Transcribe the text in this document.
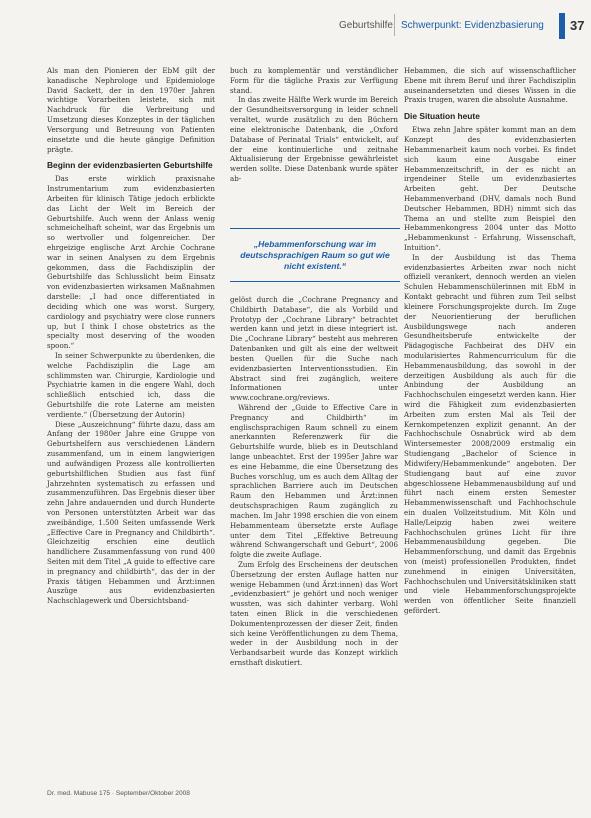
Geburtshilfe Schwerpunkt: Evidenzbasierung 37

Als man den Pionieren der EbM gilt der kanadische Nephrologe und Epidemiologe David Sackett, der in den 1970er Jahren wichtige Vorarbeiten leistete, sich mit Nachdruck für die Verbreitung und Umsetzung dieses Konzeptes in der täglichen Versorgung und Betreuung von Patienten einsetzte und die heute gängige Definition prägte.

Beginn der evidenzbasierten Geburtshilfe

Das erste wirklich praxisnahe Instrumentarium zum evidenzbasierten Arbeiten für klinisch Tätige jedoch erblickte das Licht der Welt im Bereich der Geburtshilfe. Auch wenn der Anlass wenig schmeichelhaft scheint, war das Ergebnis um so wertvoller und folgenreicher. Der ehrgeizige englische Arzt Archie Cochrane war in seinen Analysen zu dem Ergebnis gekommen, dass die Fachdisziplin der Geburtshilfe das Schlusslicht beim Einsatz von evidenzbasierten wirksamen Maßnahmen darstelle: „I had once differentiated in deciding which one was worst. Surgery, cardiology and psychiatry were close runners up, but I think I chose obstetrics as the specialty most deserving of the wooden spoon.“

In seiner Schwerpunkte zu überdenken, die welche Fachdisziplin die Lage am schlimmsten war. Chirurgie, Kardiologie und Psychiatrie kamen in die engere Wahl, doch schließlich entschied ich, dass die Geburtshilfe die rote Laterne am meisten verdiente.“ (Übersetzung der Autorin)

Diese „Auszeichnung“ führte dazu, dass am Anfang der 1980er Jahre eine Gruppe von Geburtshelfern aus verschiedenen Ländern zusammenfand, um in einem langwierigen und aufwändigen Prozess alle kontrollierten geburtshilflichen Studien aus fast fünf Jahrzehnten systematisch zu erfassen und zusammenzuführen. Das Ergebnis dieser über zehn Jahre andauernden und durch Hunderte von Personen unterstützten Arbeit war das zweibändige, 1.500 Seiten umfassende Werk „Effective Care in Pregnancy and Childbirth“. Gleichzeitig erschien eine deutlich handlichere Zusammenfassung von rund 400 Seiten mit dem Titel „A guide to effective care in pregnancy and childbirth“, das der in der Praxis tätigen Hebammen und Ärzt:innen Auszüge aus evidenzbasierten Nachschlagewerk und Übersichtsband-

buch zu komplementär und verständlicher Form für die tägliche Praxis zur Verfügung stand.

In das zweite Hälfte Werk wurde im Bereich der Gesundheitsversorgung in leider schnell veraltet, wurde zusätzlich zu den Büchern eine elektronische Datenbank, die „Oxford Database of Perinatal Trials“ entwickelt, auf der eine kontinuierliche und zeitnahe Aktualisierung der Ergebnisse gewährleistet werden sollte. Diese Datenbank wurde später ab-

„Hebammenforschung war im deutschsprachigen Raum so gut wie nicht existent.“

gelöst durch die „Cochrane Pregnancy and Childbirth Database“, die als Vorbild und Prototyp der „Cochrane Library“ betrachtet werden kann und jetzt in diese integriert ist. Die „Cochrane Library“ besteht aus mehreren Datenbanken und gilt als eine der weltweit besten Quellen für die Suche nach evidenzbasierten Interventionsstudien. Ein Abstract sind frei zugänglich, weitere Informationen unter www.cochrane.org/reviews.

Während der „Guide to Effective Care in Pregnancy and Childbirth“ im englischsprachigen Raum schnell zu einem anerkannten Referenzwerk für die Geburtshilfe wurde, blieb es in Deutschland lange unbeachtet. Erst der 1995er Jahre war es eine Hebamme, die eine Übersetzung des Buches vorschlug, um es auch dem Alltag der sprachlichen Barriere auch im Deutschen Raum den Hebammen und Ärzt:innen deutschsprachigen Raum zugänglich zu machen. Im Jahr 1998 erschien die von einem Hebammenteam übersetzte erste Auflage unter dem Titel „Effektive Betreuung während Schwangerschaft und Geburt“, 2006 folgte die zweite Auflage.

Zum Erfolg des Erscheinens der deutschen Übersetzung der ersten Auflage hatten nur wenige Hebammen (und Ärzt:innen) das Wort „evidenzbasiert“ je gehört und noch weniger wussten, was sich dahinter verbarg. Wohl taten einen Blick in die verschiedenen Dokumentenprozessen der dieser Zeit, finden sich keine Veröffentlichungen zu dem Thema, weder in der Ausbildung noch in der Verbandsarbeit wurde das Konzept wirklich ernsthaft diskutiert.

Hebammen, die sich auf wissenschaftlicher Ebene mit ihrem Beruf und ihrer Fachdisziplin auseinandersetzten und dieses Wissen in die Praxis trugen, waren die absolute Ausnahme.

Die Situation heute

Etwa zehn Jahre später kommt man an dem Konzept des evidenzbasierten Hebammenarbeit kaum noch vorbei. Es findet sich kaum eine Ausgabe einer Hebammenzeitschrift, in der es nicht an irgendeiner Stelle um evidenzbasiertes Arbeiten geht. Der Deutsche Hebammenverband (DHV, damals noch Bund Deutscher Hebammen, BDH) nimmt sich das Thema an und stellte zum Beispiel den Hebammenkongress 2004 unter das Motto „Hebammenkunst - Erfahrung, Wissenschaft, Intuition“.

In der Ausbildung ist das Thema evidenzbasiertes Arbeiten zwar noch nicht offiziell verankert, dennoch werden an vielen Schulen Hebammenschülerinnen mit EbM in Kontakt gebracht und führen zum Teil selbst kleinere Forschungsprojekte durch. Im Zuge der Neuorientierung der beruflichen Ausbildungswege nach anderen Gesundheitsberufe entwickelte der Pädagogische Fachbeirat des DHV ein modularisiertes Rahmencurriculum für die Hebammenausbildung, das sowohl in der derzeitigen Ausbildung als auch für die Anbindung der Ausbildung an Fachhochschulen eingesetzt werden kann. Hier wird die Fähigkeit zum evidenzbasierten Arbeiten zum ersten Mal als Teil der Kernkompetenzen explizit genannt. An der Fachhochschule Osnabrück wird ab dem Wintersemester 2008/2009 erstmalig ein Studiengang „Bachelor of Science in Midwifery/Hebammenkunde“ angeboten. Der Studiengang baut auf eine zuvor abgeschlossene Hebammenausbildung auf und führt nach einem ersten Semester Hebammenwissenschaft und Fachhochschule ein dualen Vollzeitstudium. Mit Köln und Halle/Leipzig haben zwei weitere Fachhochschulen grünes Licht für ihre Hebammenausbildung gegeben. Die Hebammenforschung, und damit das Ergebnis von (meist) professionellen Produkten, findet zunehmend in einigen Universitäten, Fachhochschulen und Universitätskliniken statt und viele Hebammenforschungsprojekte werden von öffentlicher Seite finanziell gefördert.

Dr. med. Mabuse 175 · September/Oktober 2008
